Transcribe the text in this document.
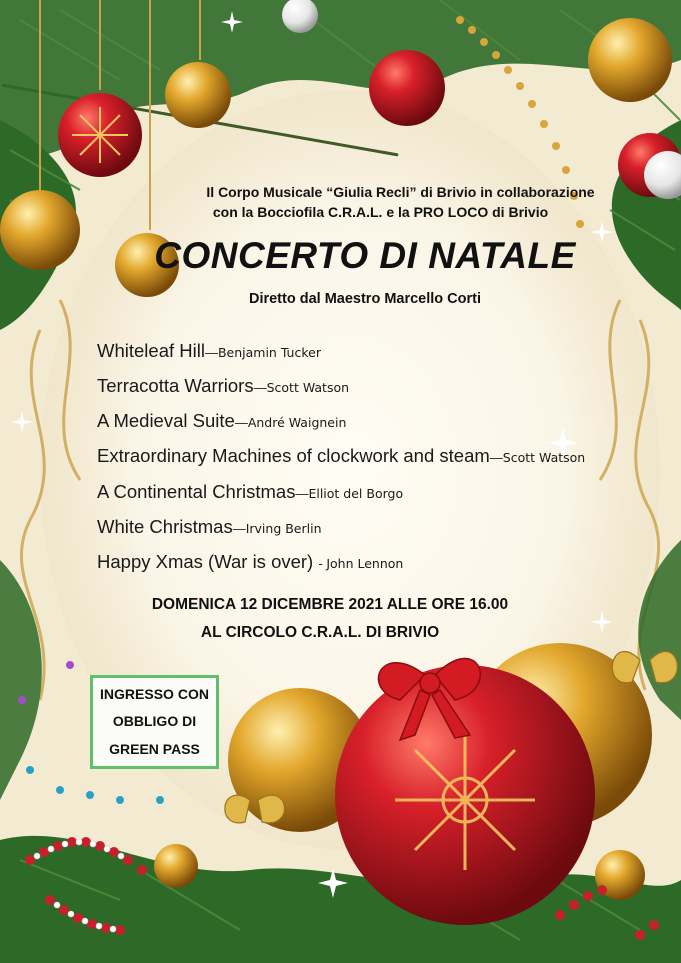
Il Corpo Musicale “Giulia Recli” di Brivio in collaborazione
con la Bocciofila C.R.A.L. e la PRO LOCO di Brivio
CONCERTO DI NATALE
Diretto dal Maestro Marcello Corti
Whiteleaf Hill—Benjamin Tucker
Terracotta Warriors—Scott Watson
A Medieval Suite—André Waignein
Extraordinary Machines of clockwork and steam—Scott Watson
A Continental Christmas—Elliot del Borgo
White Christmas—Irving Berlin
Happy Xmas (War is over) - John Lennon
DOMENICA 12 DICEMBRE 2021 ALLE ORE 16.00
AL CIRCOLO C.R.A.L. DI BRIVIO
INGRESSO CON
OBBLIGO DI
GREEN PASS
